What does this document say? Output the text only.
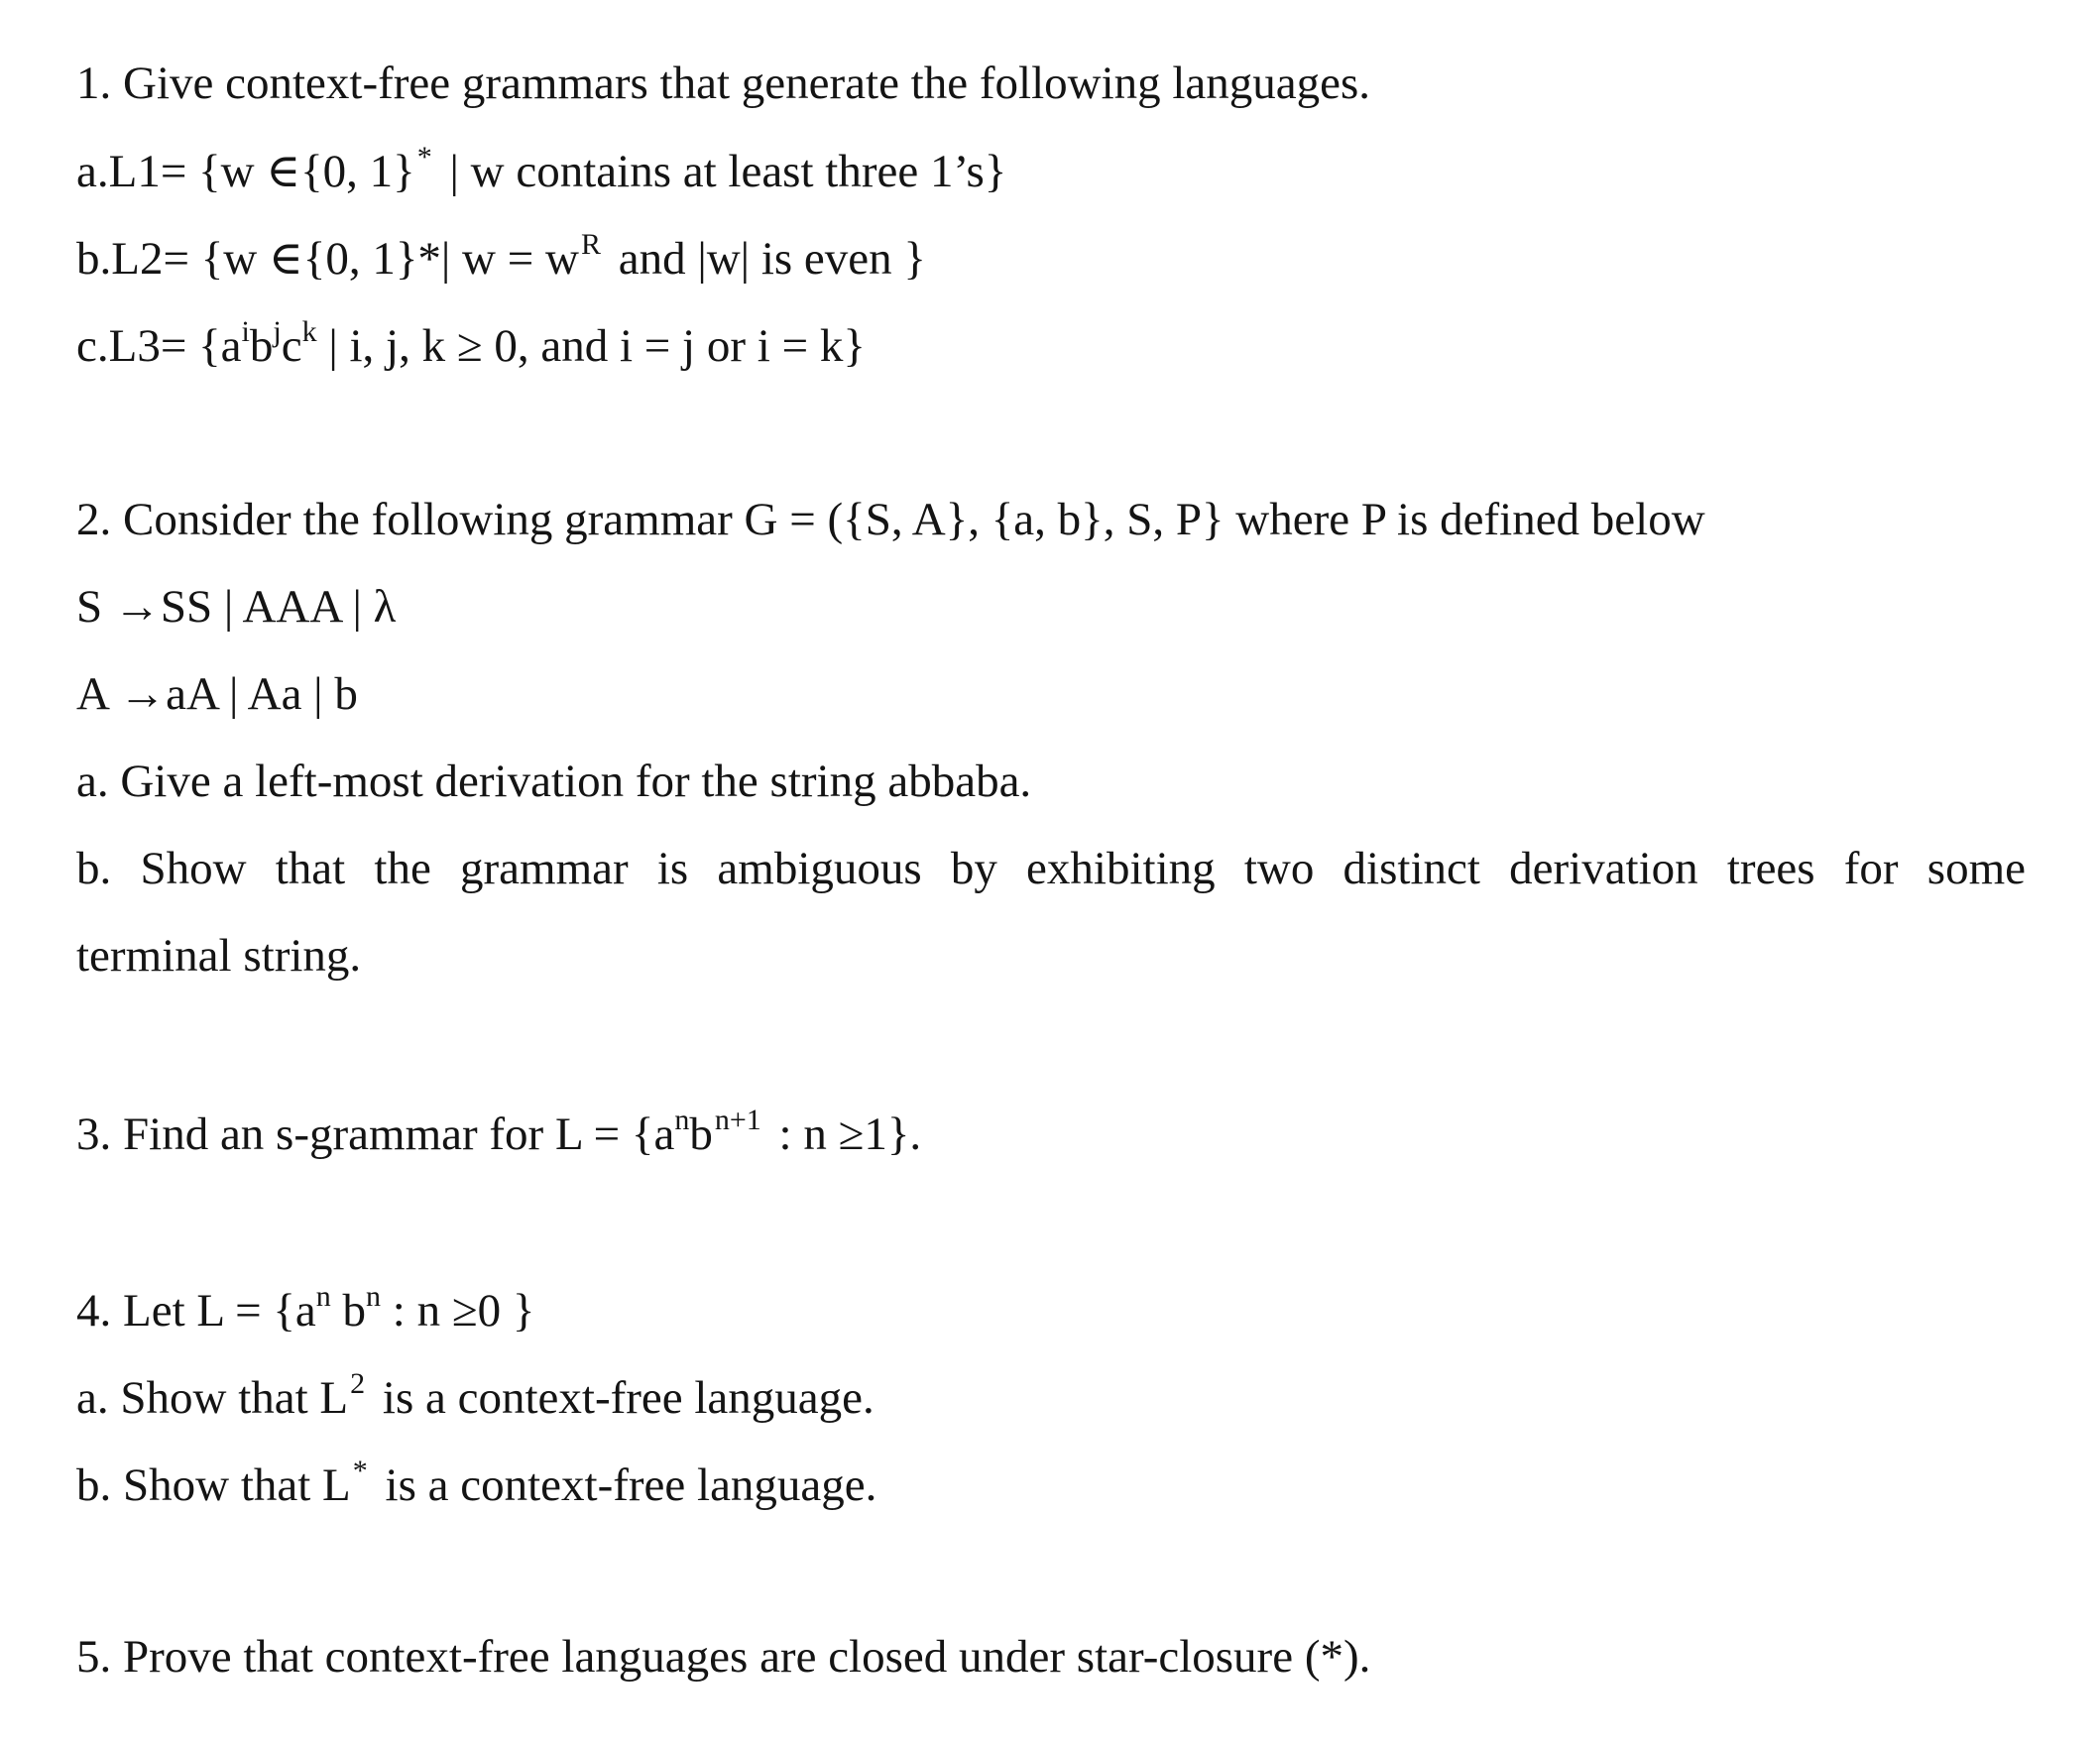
1. Give context-free grammars that generate the following languages.

a.L1= {w ∈{0, 1}* | w contains at least three 1’s}

b.L2= {w ∈{0, 1}*| $w = w^R$ and |w| is even }

$c.L3= \{a^ib^jc^k$ | i, j, k ≥ 0, and i = j or i = k}

2. Consider the following grammar G = ({S, A}, {a, b}, S, P} where P is defined below

S →SS | AAA | λ

A →aA | Aa | b

a. Give a left-most derivation for the string abbaba.

b. Show that the grammar is ambiguous by exhibiting two distinct derivation trees for some

terminal string.

3. Find an s-grammar for $L = \{a^nb^{n+1}$ : n ≥1}.

4. Let $L = \{a^n$ $b^n$ : n ≥0 }

a. Show that $L^2$ is a context-free language.

b. Show that L* is a context-free language.

5. Prove that context-free languages are closed under star-closure (*).
